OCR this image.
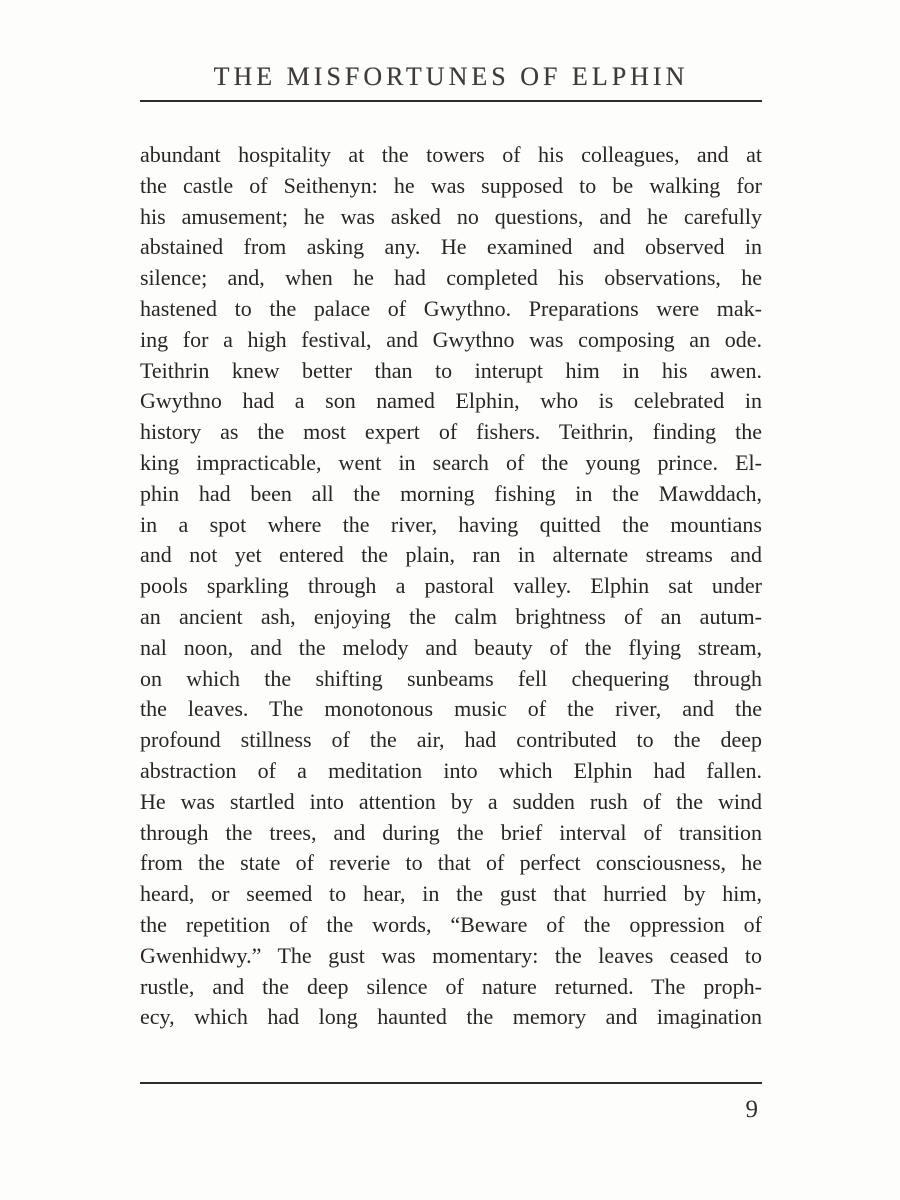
THE MISFORTUNES OF ELPHIN
abundant hospitality at the towers of his colleagues, and at
the castle of Seithenyn: he was supposed to be walking for
his amusement; he was asked no questions, and he carefully
abstained from asking any. He examined and observed in
silence; and, when he had completed his observations, he
hastened to the palace of Gwythno. Preparations were mak-
ing for a high festival, and Gwythno was composing an ode.
Teithrin knew better than to interupt him in his awen.
Gwythno had a son named Elphin, who is celebrated in
history as the most expert of fishers. Teithrin, finding the
king impracticable, went in search of the young prince. El-
phin had been all the morning fishing in the Mawddach,
in a spot where the river, having quitted the mountians
and not yet entered the plain, ran in alternate streams and
pools sparkling through a pastoral valley. Elphin sat under
an ancient ash, enjoying the calm brightness of an autum-
nal noon, and the melody and beauty of the flying stream,
on which the shifting sunbeams fell chequering through
the leaves. The monotonous music of the river, and the
profound stillness of the air, had contributed to the deep
abstraction of a meditation into which Elphin had fallen.
He was startled into attention by a sudden rush of the wind
through the trees, and during the brief interval of transition
from the state of reverie to that of perfect consciousness, he
heard, or seemed to hear, in the gust that hurried by him,
the repetition of the words, “Beware of the oppression of
Gwenhidwy.” The gust was momentary: the leaves ceased to
rustle, and the deep silence of nature returned. The proph-
ecy, which had long haunted the memory and imagination
9
